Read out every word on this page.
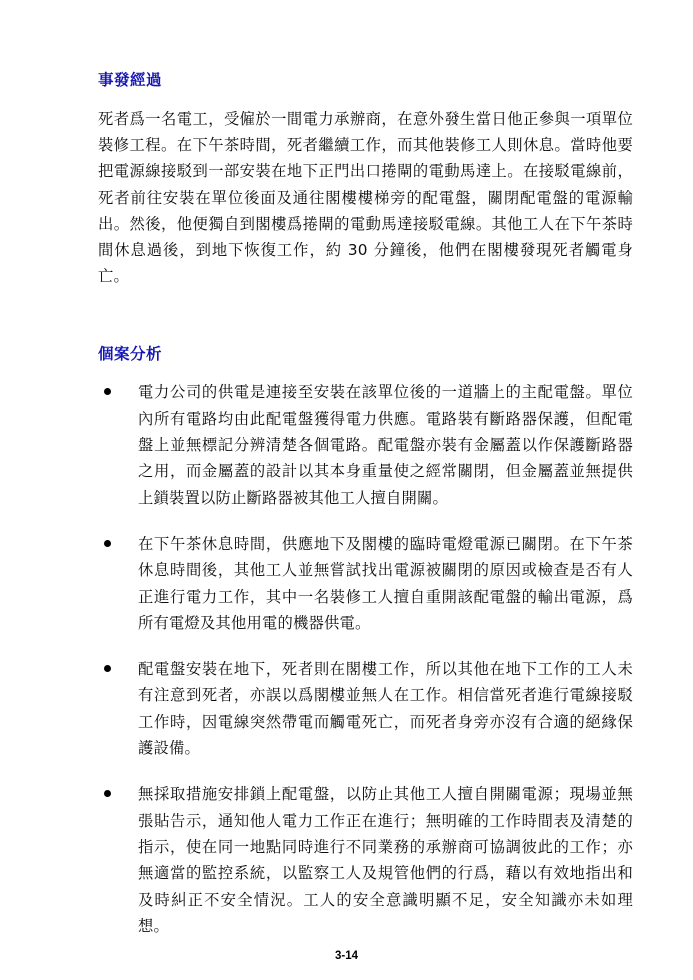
事發經過

死者爲一名電工，受僱於一間電力承辦商，在意外發生當日他正參與一項單位裝修工程。在下午茶時間，死者繼續工作，而其他裝修工人則休息。當時他要把電源線接駁到一部安裝在地下正門出口捲閘的電動馬達上。在接駁電線前，死者前往安裝在單位後面及通往閣樓樓梯旁的配電盤，關閉配電盤的電源輸出。然後，他便獨自到閣樓爲捲閘的電動馬達接駁電線。其他工人在下午茶時間休息過後，到地下恢復工作，約 30 分鐘後，他們在閣樓發現死者觸電身亡。

個案分析
電力公司的供電是連接至安裝在該單位後的一道牆上的主配電盤。單位內所有電路均由此配電盤獲得電力供應。電路裝有斷路器保護，但配電盤上並無標記分辨清楚各個電路。配電盤亦裝有金屬蓋以作保護斷路器之用，而金屬蓋的設計以其本身重量使之經常關閉，但金屬蓋並無提供上鎖裝置以防止斷路器被其他工人擅自開關。
在下午茶休息時間，供應地下及閣樓的臨時電燈電源已關閉。在下午茶休息時間後，其他工人並無嘗試找出電源被關閉的原因或檢查是否有人正進行電力工作，其中一名裝修工人擅自重開該配電盤的輸出電源，爲所有電燈及其他用電的機器供電。
配電盤安裝在地下，死者則在閣樓工作，所以其他在地下工作的工人未有注意到死者，亦誤以爲閣樓並無人在工作。相信當死者進行電線接駁工作時，因電線突然帶電而觸電死亡，而死者身旁亦沒有合適的絕緣保護設備。
無採取措施安排鎖上配電盤，以防止其他工人擅自開關電源；現場並無張貼告示，通知他人電力工作正在進行；無明確的工作時間表及清楚的指示，使在同一地點同時進行不同業務的承辦商可協調彼此的工作；亦無適當的監控系統，以監察工人及規管他們的行爲，藉以有效地指出和及時糾正不安全情況。工人的安全意識明顯不足，安全知識亦未如理想。
3-14
